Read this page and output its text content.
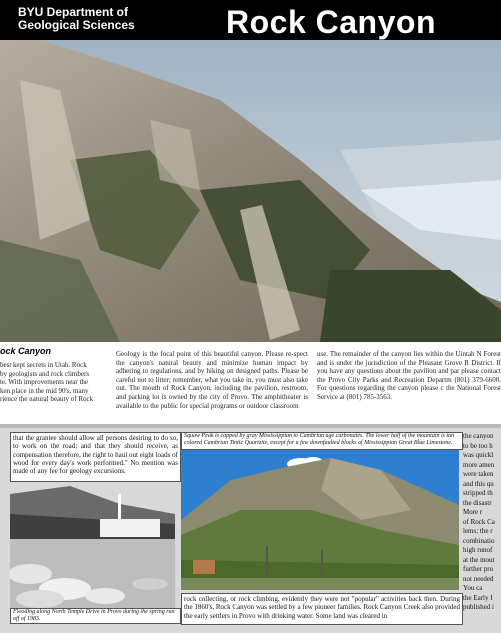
BYU Department of
Geological Sciences	Rock Canyon
ock Canyon
best kept secrets in Utah. Rock
by geologists and rock climbers
te. With improvements near the
ken place in the mid 90's, many
rience the natural beauty of Rock
Geology is the focal point of this beautiful canyon. Please re-spect the canyon's natural beauty and minimize human impact by adhering to regulations, and by hiking on designed paths. Please be careful not to litter; remember, what you take in, you must also take out. The mouth of Rock Canyon, including the pavilion, restroom, and parking lot is owned by the city of Provo. The amphitheater is available to the public for special programs or outdoor classroom
use. The remainder of the canyon lies within the Uintah N Forest and is under the jurisdiction of the Pleasant Grove R District. If you have any questions about the pavilion and par please contact the Provo City Parks and Recreation Departm (801) 379-6600. For questions regarding the canyon please c the National Forest Service at (801) 785-3563.
that the grantee should allow all persons desiring to do so, to work on the road; and that they should receive, as compensation therefore, the right to haul out eight loads of wood for every day's work performed." No mention was made of any fee for geology excursions.
Flooding along North Temple Drive in Provo during the spring run off of 1983.
Squaw Peak is capped by gray Mississippian to Cambrian age carbonates. The lower half of the mountain is tan colored Cambrian Tintic Quartzite, except for a few downfaulted blocks of Mississippian Great Blue Limestone.
rock collecting, or rock climbing, evidently they were not "popular" activities back then. During the 1860's, Rock Canyon was settled by a few pioneer families. Rock Canyon Creek also provided the early settlers in Provo with drinking water. Some land was cleared in
the canyon
to be too h
was quickl
more amen
were taken
and this qu
stripped th
the disastr
More r
of Rock Ca
lems; the r
combinatio
high runof
at the mout
further pro
not needed
You ca
the Early I
published i
